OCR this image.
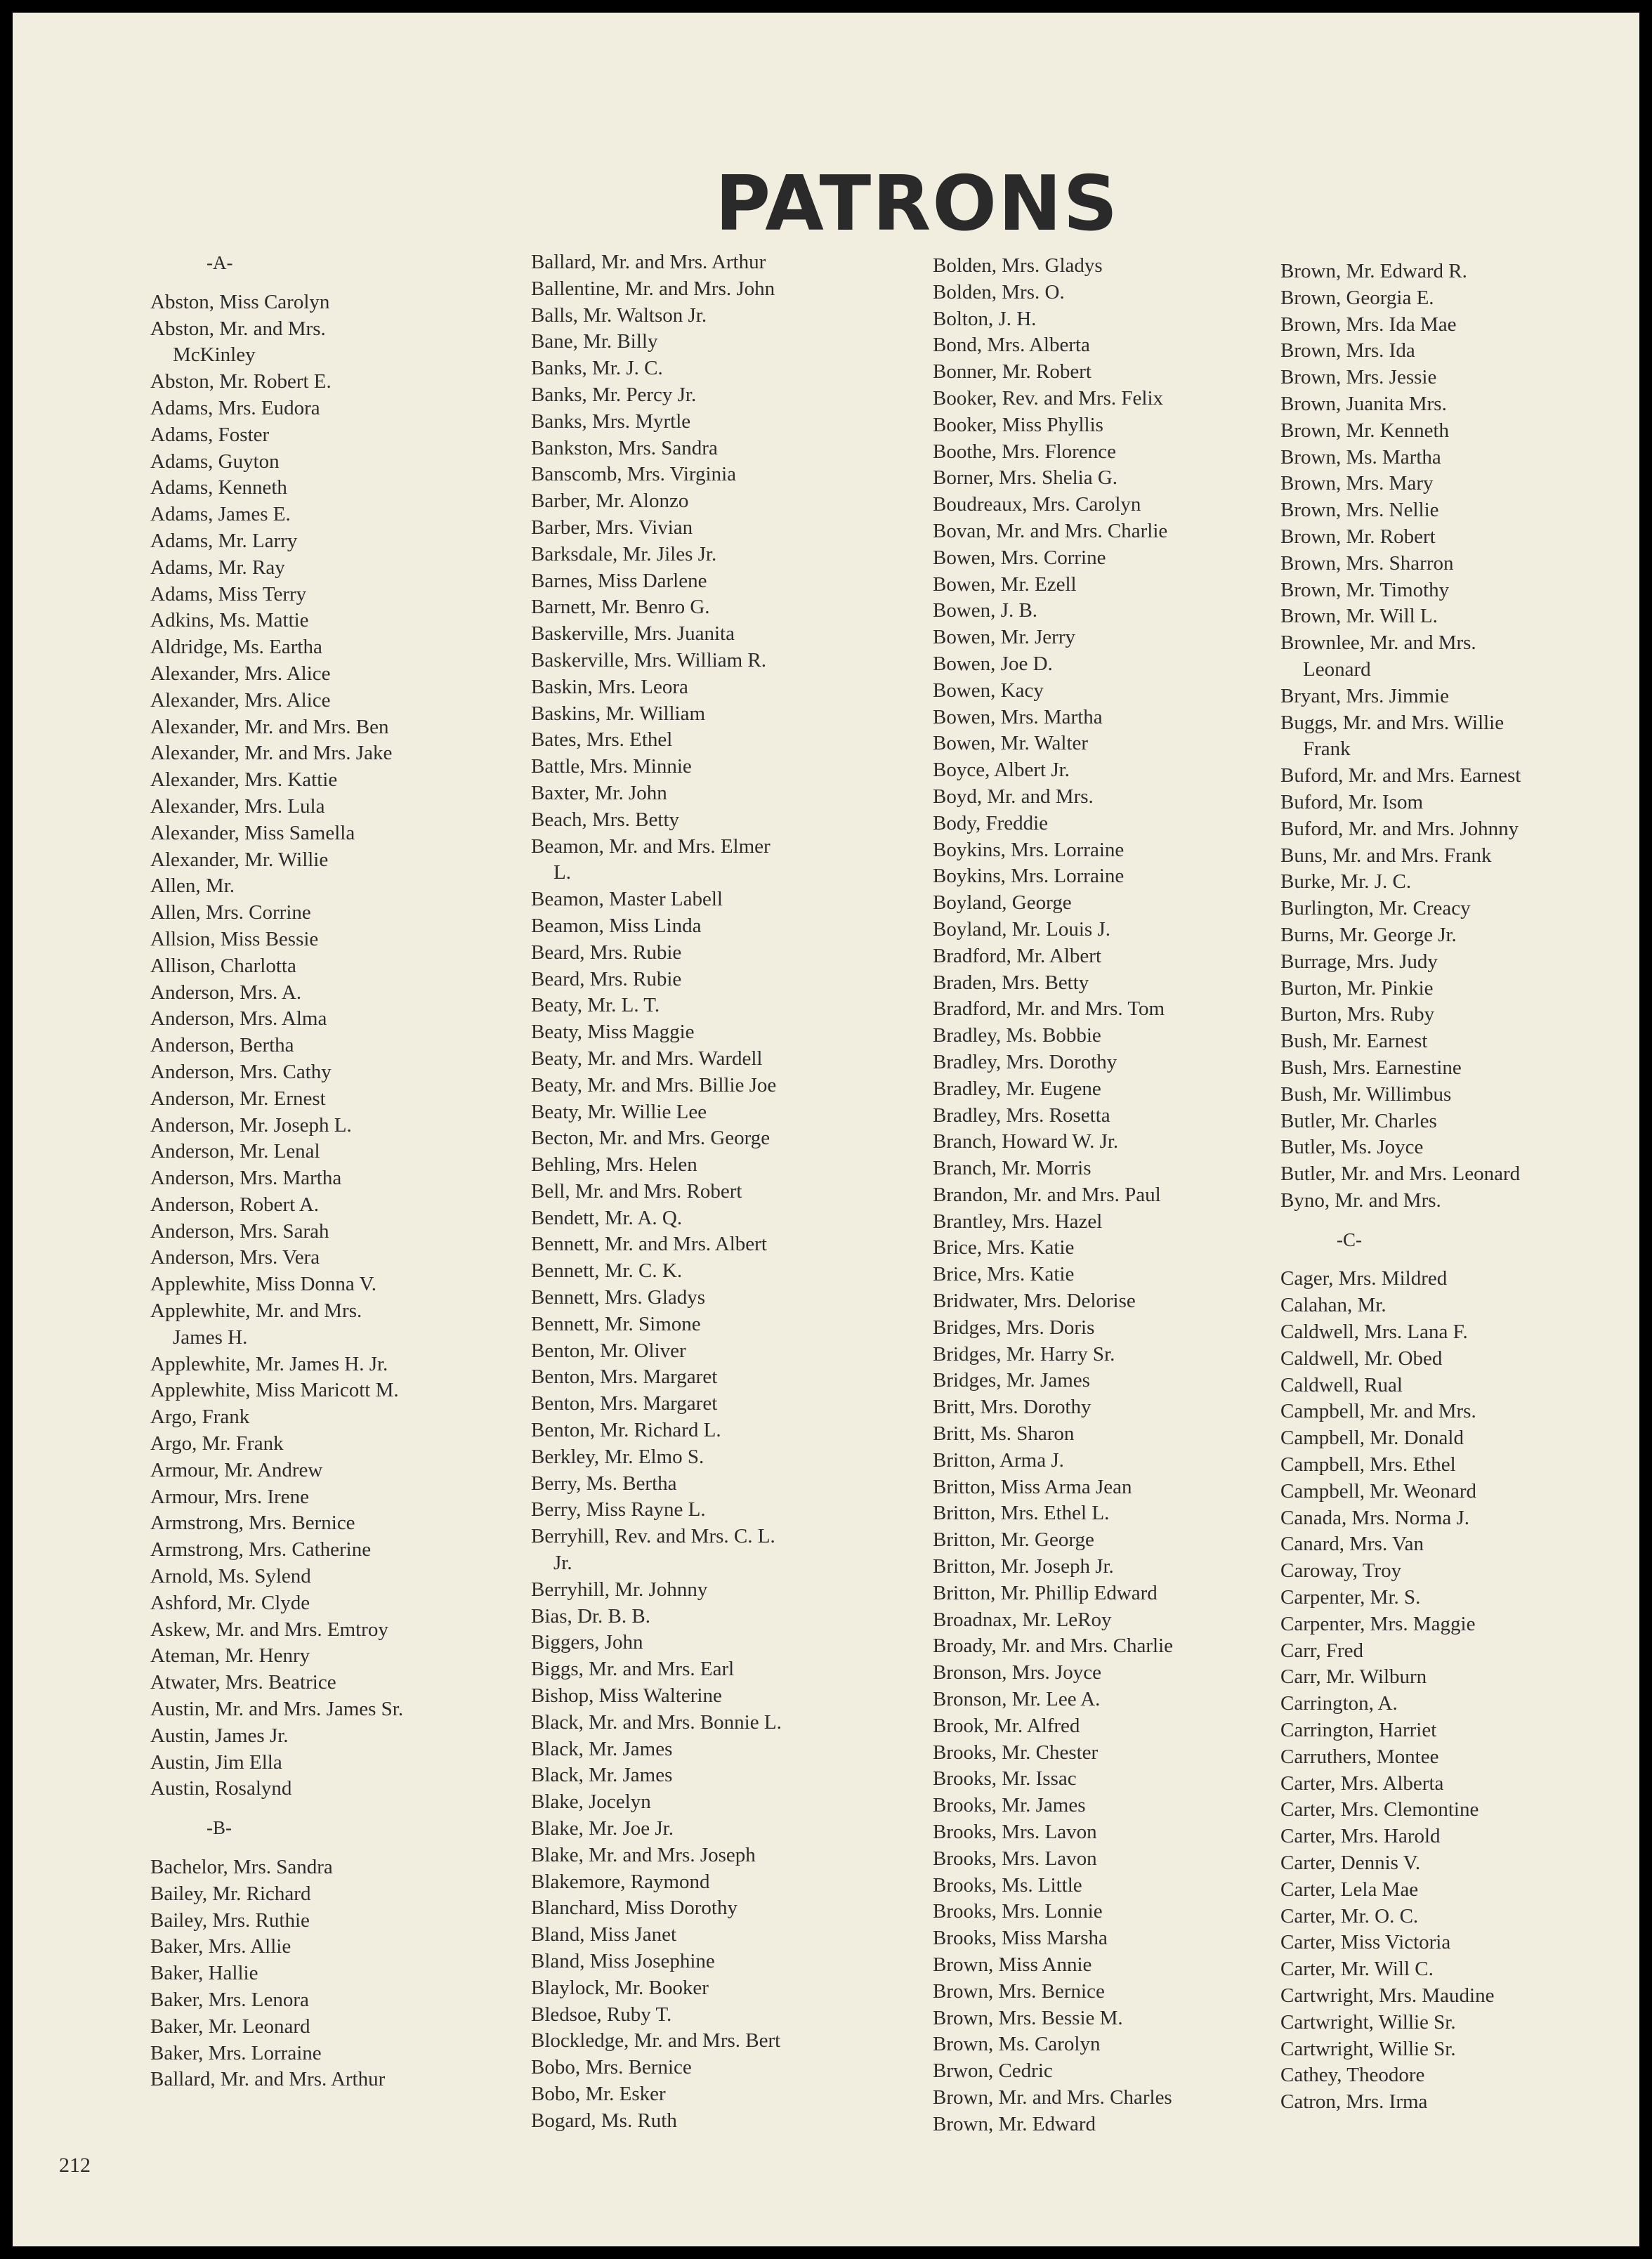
PATRONS
-A-
Abston, Miss Carolyn
Abston, Mr. and Mrs.
McKinley
Abston, Mr. Robert E.
Adams, Mrs. Eudora
Adams, Foster
Adams, Guyton
Adams, Kenneth
Adams, James E.
Adams, Mr. Larry
Adams, Mr. Ray
Adams, Miss Terry
Adkins, Ms. Mattie
Aldridge, Ms. Eartha
Alexander, Mrs. Alice
Alexander, Mrs. Alice
Alexander, Mr. and Mrs. Ben
Alexander, Mr. and Mrs. Jake
Alexander, Mrs. Kattie
Alexander, Mrs. Lula
Alexander, Miss Samella
Alexander, Mr. Willie
Allen, Mr.
Allen, Mrs. Corrine
Allsion, Miss Bessie
Allison, Charlotta
Anderson, Mrs. A.
Anderson, Mrs. Alma
Anderson, Bertha
Anderson, Mrs. Cathy
Anderson, Mr. Ernest
Anderson, Mr. Joseph L.
Anderson, Mr. Lenal
Anderson, Mrs. Martha
Anderson, Robert A.
Anderson, Mrs. Sarah
Anderson, Mrs. Vera
Applewhite, Miss Donna V.
Applewhite, Mr. and Mrs.
James H.
Applewhite, Mr. James H. Jr.
Applewhite, Miss Maricott M.
Argo, Frank
Argo, Mr. Frank
Armour, Mr. Andrew
Armour, Mrs. Irene
Armstrong, Mrs. Bernice
Armstrong, Mrs. Catherine
Arnold, Ms. Sylend
Ashford, Mr. Clyde
Askew, Mr. and Mrs. Emtroy
Ateman, Mr. Henry
Atwater, Mrs. Beatrice
Austin, Mr. and Mrs. James Sr.
Austin, James Jr.
Austin, Jim Ella
Austin, Rosalynd
-B-
Bachelor, Mrs. Sandra
Bailey, Mr. Richard
Bailey, Mrs. Ruthie
Baker, Mrs. Allie
Baker, Hallie
Baker, Mrs. Lenora
Baker, Mr. Leonard
Baker, Mrs. Lorraine
Ballard, Mr. and Mrs. Arthur
Ballard, Mr. and Mrs. Arthur
Ballentine, Mr. and Mrs. John
Balls, Mr. Waltson Jr.
Bane, Mr. Billy
Banks, Mr. J. C.
Banks, Mr. Percy Jr.
Banks, Mrs. Myrtle
Bankston, Mrs. Sandra
Banscomb, Mrs. Virginia
Barber, Mr. Alonzo
Barber, Mrs. Vivian
Barksdale, Mr. Jiles Jr.
Barnes, Miss Darlene
Barnett, Mr. Benro G.
Baskerville, Mrs. Juanita
Baskerville, Mrs. William R.
Baskin, Mrs. Leora
Baskins, Mr. William
Bates, Mrs. Ethel
Battle, Mrs. Minnie
Baxter, Mr. John
Beach, Mrs. Betty
Beamon, Mr. and Mrs. Elmer
L.
Beamon, Master Labell
Beamon, Miss Linda
Beard, Mrs. Rubie
Beard, Mrs. Rubie
Beaty, Mr. L. T.
Beaty, Miss Maggie
Beaty, Mr. and Mrs. Wardell
Beaty, Mr. and Mrs. Billie Joe
Beaty, Mr. Willie Lee
Becton, Mr. and Mrs. George
Behling, Mrs. Helen
Bell, Mr. and Mrs. Robert
Bendett, Mr. A. Q.
Bennett, Mr. and Mrs. Albert
Bennett, Mr. C. K.
Bennett, Mrs. Gladys
Bennett, Mr. Simone
Benton, Mr. Oliver
Benton, Mrs. Margaret
Benton, Mrs. Margaret
Benton, Mr. Richard L.
Berkley, Mr. Elmo S.
Berry, Ms. Bertha
Berry, Miss Rayne L.
Berryhill, Rev. and Mrs. C. L.
Jr.
Berryhill, Mr. Johnny
Bias, Dr. B. B.
Biggers, John
Biggs, Mr. and Mrs. Earl
Bishop, Miss Walterine
Black, Mr. and Mrs. Bonnie L.
Black, Mr. James
Black, Mr. James
Blake, Jocelyn
Blake, Mr. Joe Jr.
Blake, Mr. and Mrs. Joseph
Blakemore, Raymond
Blanchard, Miss Dorothy
Bland, Miss Janet
Bland, Miss Josephine
Blaylock, Mr. Booker
Bledsoe, Ruby T.
Blockledge, Mr. and Mrs. Bert
Bobo, Mrs. Bernice
Bobo, Mr. Esker
Bogard, Ms. Ruth
Bolden, Mrs. Gladys
Bolden, Mrs. O.
Bolton, J. H.
Bond, Mrs. Alberta
Bonner, Mr. Robert
Booker, Rev. and Mrs. Felix
Booker, Miss Phyllis
Boothe, Mrs. Florence
Borner, Mrs. Shelia G.
Boudreaux, Mrs. Carolyn
Bovan, Mr. and Mrs. Charlie
Bowen, Mrs. Corrine
Bowen, Mr. Ezell
Bowen, J. B.
Bowen, Mr. Jerry
Bowen, Joe D.
Bowen, Kacy
Bowen, Mrs. Martha
Bowen, Mr. Walter
Boyce, Albert Jr.
Boyd, Mr. and Mrs.
Body, Freddie
Boykins, Mrs. Lorraine
Boykins, Mrs. Lorraine
Boyland, George
Boyland, Mr. Louis J.
Bradford, Mr. Albert
Braden, Mrs. Betty
Bradford, Mr. and Mrs. Tom
Bradley, Ms. Bobbie
Bradley, Mrs. Dorothy
Bradley, Mr. Eugene
Bradley, Mrs. Rosetta
Branch, Howard W. Jr.
Branch, Mr. Morris
Brandon, Mr. and Mrs. Paul
Brantley, Mrs. Hazel
Brice, Mrs. Katie
Brice, Mrs. Katie
Bridwater, Mrs. Delorise
Bridges, Mrs. Doris
Bridges, Mr. Harry Sr.
Bridges, Mr. James
Britt, Mrs. Dorothy
Britt, Ms. Sharon
Britton, Arma J.
Britton, Miss Arma Jean
Britton, Mrs. Ethel L.
Britton, Mr. George
Britton, Mr. Joseph Jr.
Britton, Mr. Phillip Edward
Broadnax, Mr. LeRoy
Broady, Mr. and Mrs. Charlie
Bronson, Mrs. Joyce
Bronson, Mr. Lee A.
Brook, Mr. Alfred
Brooks, Mr. Chester
Brooks, Mr. Issac
Brooks, Mr. James
Brooks, Mrs. Lavon
Brooks, Mrs. Lavon
Brooks, Ms. Little
Brooks, Mrs. Lonnie
Brooks, Miss Marsha
Brown, Miss Annie
Brown, Mrs. Bernice
Brown, Mrs. Bessie M.
Brown, Ms. Carolyn
Brwon, Cedric
Brown, Mr. and Mrs. Charles
Brown, Mr. Edward
Brown, Mr. Edward R.
Brown, Georgia E.
Brown, Mrs. Ida Mae
Brown, Mrs. Ida
Brown, Mrs. Jessie
Brown, Juanita Mrs.
Brown, Mr. Kenneth
Brown, Ms. Martha
Brown, Mrs. Mary
Brown, Mrs. Nellie
Brown, Mr. Robert
Brown, Mrs. Sharron
Brown, Mr. Timothy
Brown, Mr. Will L.
Brownlee, Mr. and Mrs.
Leonard
Bryant, Mrs. Jimmie
Buggs, Mr. and Mrs. Willie
Frank
Buford, Mr. and Mrs. Earnest
Buford, Mr. Isom
Buford, Mr. and Mrs. Johnny
Buns, Mr. and Mrs. Frank
Burke, Mr. J. C.
Burlington, Mr. Creacy
Burns, Mr. George Jr.
Burrage, Mrs. Judy
Burton, Mr. Pinkie
Burton, Mrs. Ruby
Bush, Mr. Earnest
Bush, Mrs. Earnestine
Bush, Mr. Willimbus
Butler, Mr. Charles
Butler, Ms. Joyce
Butler, Mr. and Mrs. Leonard
Byno, Mr. and Mrs.
-C-
Cager, Mrs. Mildred
Calahan, Mr.
Caldwell, Mrs. Lana F.
Caldwell, Mr. Obed
Caldwell, Rual
Campbell, Mr. and Mrs.
Campbell, Mr. Donald
Campbell, Mrs. Ethel
Campbell, Mr. Weonard
Canada, Mrs. Norma J.
Canard, Mrs. Van
Caroway, Troy
Carpenter, Mr. S.
Carpenter, Mrs. Maggie
Carr, Fred
Carr, Mr. Wilburn
Carrington, A.
Carrington, Harriet
Carruthers, Montee
Carter, Mrs. Alberta
Carter, Mrs. Clemontine
Carter, Mrs. Harold
Carter, Dennis V.
Carter, Lela Mae
Carter, Mr. O. C.
Carter, Miss Victoria
Carter, Mr. Will C.
Cartwright, Mrs. Maudine
Cartwright, Willie Sr.
Cartwright, Willie Sr.
Cathey, Theodore
Catron, Mrs. Irma
212
